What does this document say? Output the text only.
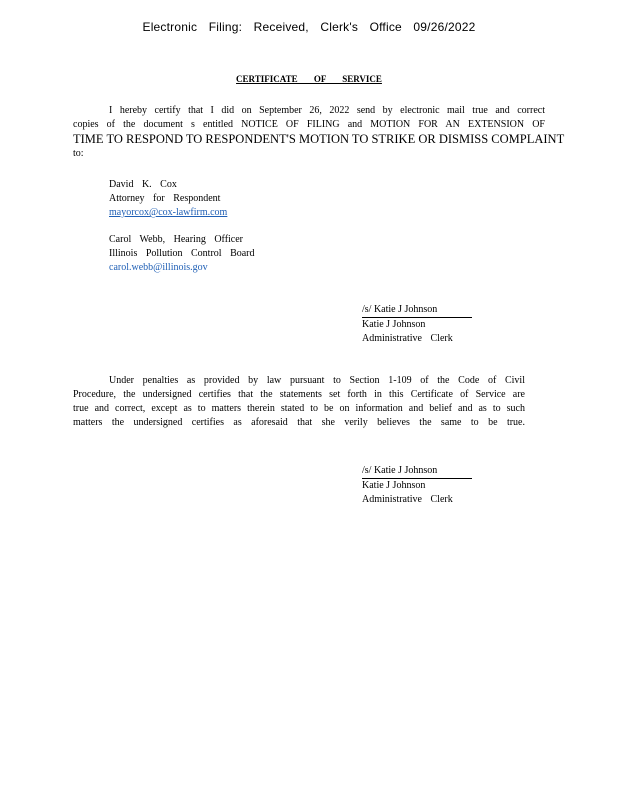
Electronic Filing: Received, Clerk's Office 09/26/2022
CERTIFICATE OF SERVICE
I hereby certify that I did on September 26, 2022 send by electronic mail true and correct
copies of the document s entitled NOTICE OF FILING and MOTION FOR AN EXTENSION OF
TIME TO RESPOND TO RESPONDENT'S MOTION TO STRIKE OR DISMISS COMPLAINT
to:
David K. Cox
Attorney for Respondent
mayorcox@cox-lawfirm.com
Carol Webb, Hearing Officer
Illinois Pollution Control Board
carol.webb@illinois.gov
/s/ Katie J Johnson
Katie J Johnson
Administrative Clerk
Under penalties as provided by law pursuant to Section 1-109 of the Code of Civil
Procedure, the undersigned certifies that the statements set forth in this Certificate of Service are
true and correct, except as to matters therein stated to be on information and belief and as to such
matters the undersigned certifies as aforesaid that she verily believes the same to be true.
/s/ Katie J Johnson
Katie J Johnson
Administrative Clerk
